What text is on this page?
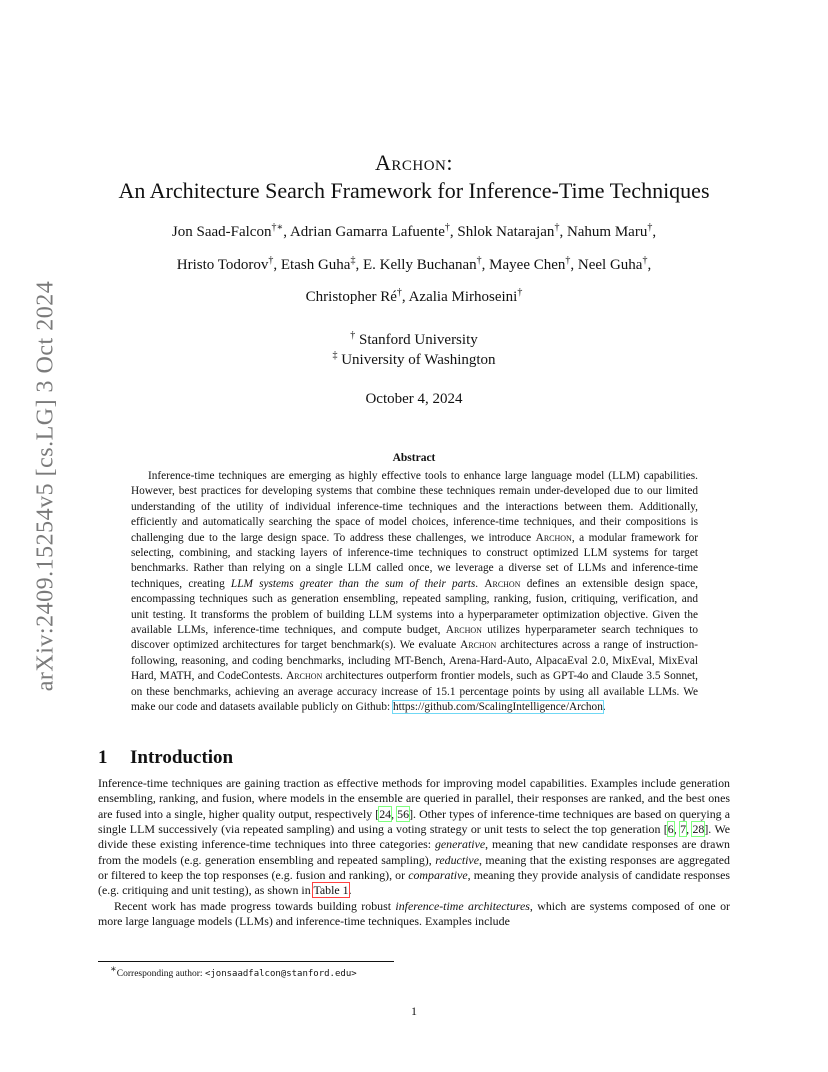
arXiv:2409.15254v5 [cs.LG] 3 Oct 2024
Archon:
An Architecture Search Framework for Inference-Time Techniques
Jon Saad-Falcon†∗, Adrian Gamarra Lafuente†, Shlok Natarajan†, Nahum Maru†,
Hristo Todorov†, Etash Guha‡, E. Kelly Buchanan†, Mayee Chen†, Neel Guha†,
Christopher Ré†, Azalia Mirhoseini†
† Stanford University
‡ University of Washington
October 4, 2024
Abstract

Inference-time techniques are emerging as highly effective tools to enhance large language model (LLM) capabilities. However, best practices for developing systems that combine these techniques remain under-developed due to our limited understanding of the utility of individual inference-time techniques and the interactions between them. Additionally, efficiently and automatically searching the space of model choices, inference-time techniques, and their compositions is challenging due to the large design space. To address these challenges, we introduce Archon, a modular framework for selecting, combining, and stacking layers of inference-time techniques to construct optimized LLM systems for target benchmarks. Rather than relying on a single LLM called once, we leverage a diverse set of LLMs and inference-time techniques, creating LLM systems greater than the sum of their parts. Archon defines an extensible design space, encompassing techniques such as generation ensembling, repeated sampling, ranking, fusion, critiquing, verification, and unit testing. It transforms the problem of building LLM systems into a hyperparameter optimization objective. Given the available LLMs, inference-time techniques, and compute budget, Archon utilizes hyperparameter search techniques to discover optimized architectures for target benchmark(s). We evaluate Archon architectures across a range of instruction-following, reasoning, and coding benchmarks, including MT-Bench, Arena-Hard-Auto, AlpacaEval 2.0, MixEval, MixEval Hard, MATH, and CodeContests. Archon architectures outperform frontier models, such as GPT-4o and Claude 3.5 Sonnet, on these benchmarks, achieving an average accuracy increase of 15.1 percentage points by using all available LLMs. We make our code and datasets available publicly on Github: https://github.com/ScalingIntelligence/Archon.

1 Introduction

Inference-time techniques are gaining traction as effective methods for improving model capabilities. Examples include generation ensembling, ranking, and fusion, where models in the ensemble are queried in parallel, their responses are ranked, and the best ones are fused into a single, higher quality output, respectively [24, 56]. Other types of inference-time techniques are based on querying a single LLM successively (via repeated sampling) and using a voting strategy or unit tests to select the top generation [6, 7, 28]. We divide these existing inference-time techniques into three categories: generative, meaning that new candidate responses are drawn from the models (e.g. generation ensembling and repeated sampling), reductive, meaning that the existing responses are aggregated or filtered to keep the top responses (e.g. fusion and ranking), or comparative, meaning they provide analysis of candidate responses (e.g. critiquing and unit testing), as shown in Table 1.

Recent work has made progress towards building robust inference-time architectures, which are systems composed of one or more large language models (LLMs) and inference-time techniques. Examples include

∗Corresponding author: <jonsaadfalcon@stanford.edu>
1
